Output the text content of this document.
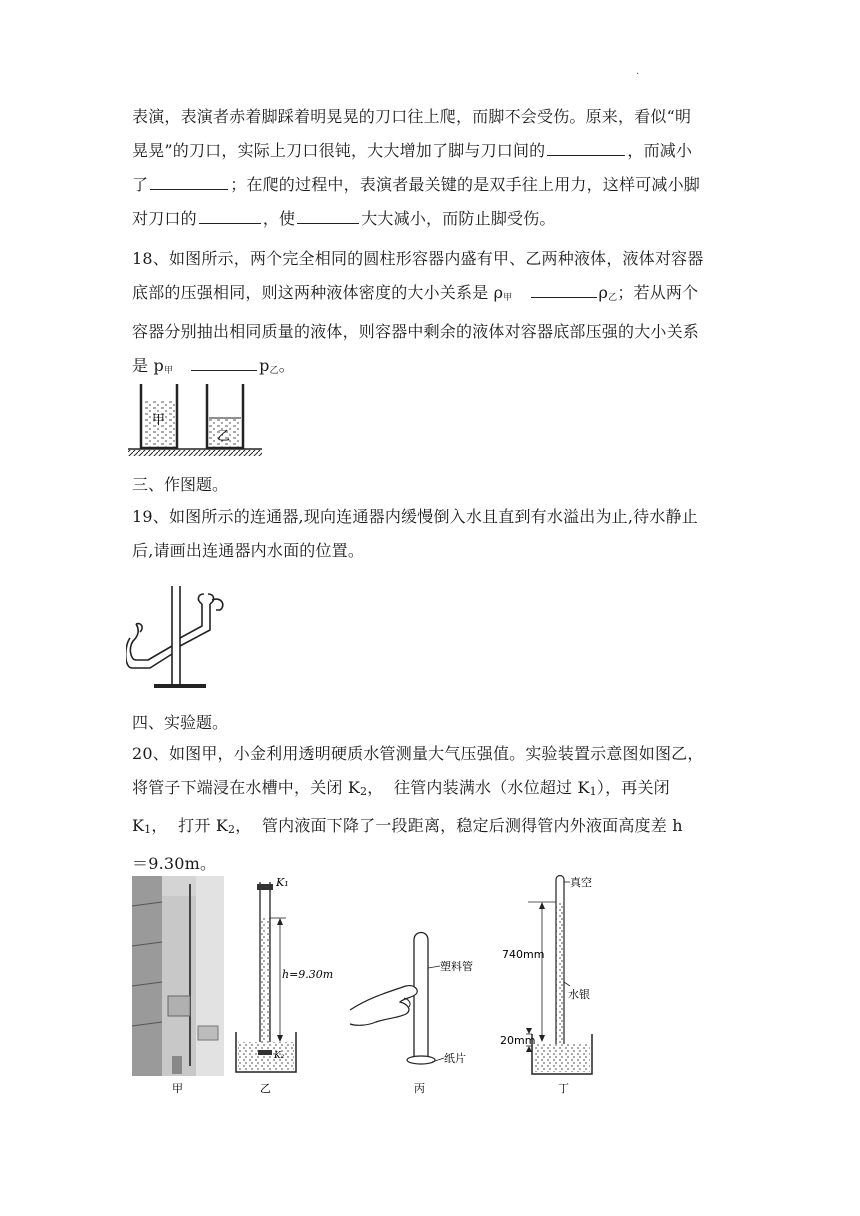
.
表演，表演者赤着脚踩着明晃晃的刀口往上爬，而脚不会受伤。原来，看似“明
晃晃”的刀口，实际上刀口很钝，大大增加了脚与刀口间的	，而减小
了	；在爬的过程中，表演者最关键的是双手往上用力，这样可减小脚
对刀口的	，使	大大减小，而防止脚受伤。
18、如图所示，两个完全相同的圆柱形容器内盛有甲、乙两种液体，液体对容器
底部的压强相同，则这两种液体密度的大小关系是 $\rho_甲$	$\rho_乙$；若从两个
容器分别抽出相同质量的液体，则容器中剩余的液体对容器底部压强的大小关系
是 $p_甲$	$p_乙$。
甲
乙
三、作图题。
19、如图所示的连通器,现向连通器内缓慢倒入水且直到有水溢出为止,待水静止
后,请画出连通器内水面的位置。
四、实验题。
20、如图甲，小金利用透明硬质水管测量大气压强值。实验装置示意图如图乙，
将管子下端浸在水槽中，关闭 K2，  往管内装满水（水位超过 K1），再关闭
K1，  打开 K2，  管内液面下降了一段距离，稳定后测得管内外液面高度差 h
＝9.30m。
甲
K₁
K₂
h=9.30m
乙
塑料管
纸片
丙
真空
740mm
水银
20mm
丁
